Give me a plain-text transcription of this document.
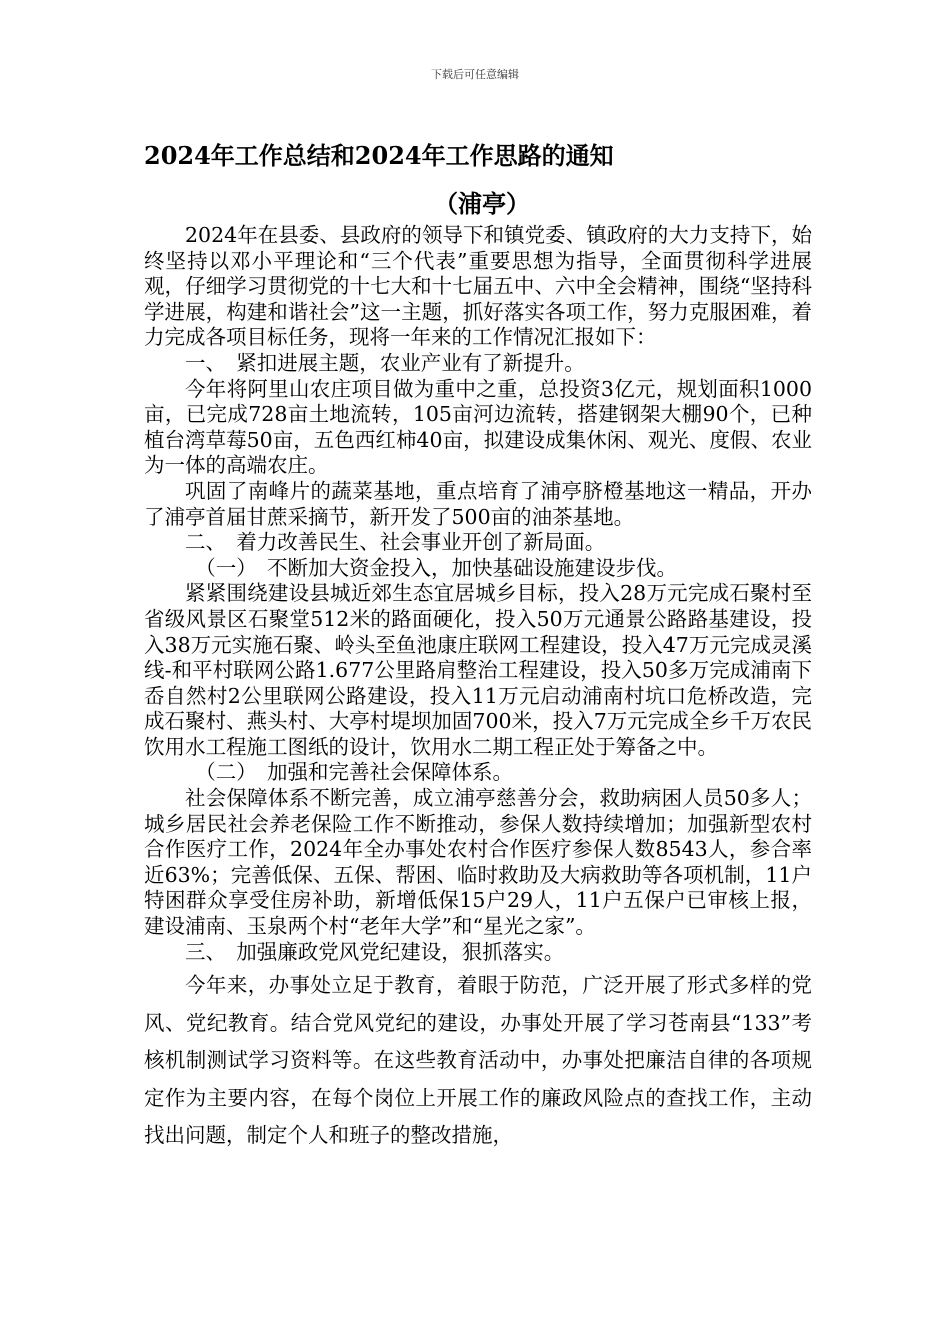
下载后可任意编辑
2024年工作总结和2024年工作思路的通知
（浦亭）

2024年在县委、县政府的领导下和镇党委、镇政府的大力支持下，始终坚持以邓小平理论和“三个代表”重要思想为指导，全面贯彻科学进展观，仔细学习贯彻党的十七大和十七届五中、六中全会精神，围绕“坚持科学进展，构建和谐社会”这一主题，抓好落实各项工作，努力克服困难，着力完成各项目标任务，现将一年来的工作情况汇报如下：

一、　紧扣进展主题，农业产业有了新提升。

今年将阿里山农庄项目做为重中之重，总投资3亿元，规划面积1000亩，已完成728亩土地流转，105亩河边流转，搭建钢架大棚90个，已种植台湾草莓50亩，五色西红柿40亩，拟建设成集休闲、观光、度假、农业为一体的高端农庄。

巩固了南峰片的蔬菜基地，重点培育了浦亭脐橙基地这一精品，开办了浦亭首届甘蔗采摘节，新开发了500亩的油茶基地。

二、　着力改善民生、社会事业开创了新局面。

（一）　不断加大资金投入，加快基础设施建设步伐。

紧紧围绕建设县城近郊生态宜居城乡目标，投入28万元完成石聚村至省级风景区石聚堂512米的路面硬化，投入50万元通景公路路基建设，投入38万元实施石聚、岭头至鱼池康庄联网工程建设，投入47万元完成灵溪线-和平村联网公路1.677公里路肩整治工程建设，投入50多万完成浦南下岙自然村2公里联网公路建设，投入11万元启动浦南村坑口危桥改造，完成石聚村、燕头村、大亭村堤坝加固700米，投入7万元完成全乡千万农民饮用水工程施工图纸的设计，饮用水二期工程正处于筹备之中。

（二）　加强和完善社会保障体系。

社会保障体系不断完善，成立浦亭慈善分会，救助病困人员50多人；城乡居民社会养老保险工作不断推动，参保人数持续增加；加强新型农村合作医疗工作，2024年全办事处农村合作医疗参保人数8543人，参合率近63%；完善低保、五保、帮困、临时救助及大病救助等各项机制，11户特困群众享受住房补助，新增低保15户29人，11户五保户已审核上报，建设浦南、玉泉两个村“老年大学”和“星光之家”。

三、　加强廉政党风党纪建设，狠抓落实。

今年来，办事处立足于教育，着眼于防范，广泛开展了形式多样的党风、党纪教育。结合党风党纪的建设，办事处开展了学习苍南县“133”考核机制测试学习资料等。在这些教育活动中，办事处把廉洁自律的各项规定作为主要内容，在每个岗位上开展工作的廉政风险点的查找工作，主动找出问题，制定个人和班子的整改措施，
